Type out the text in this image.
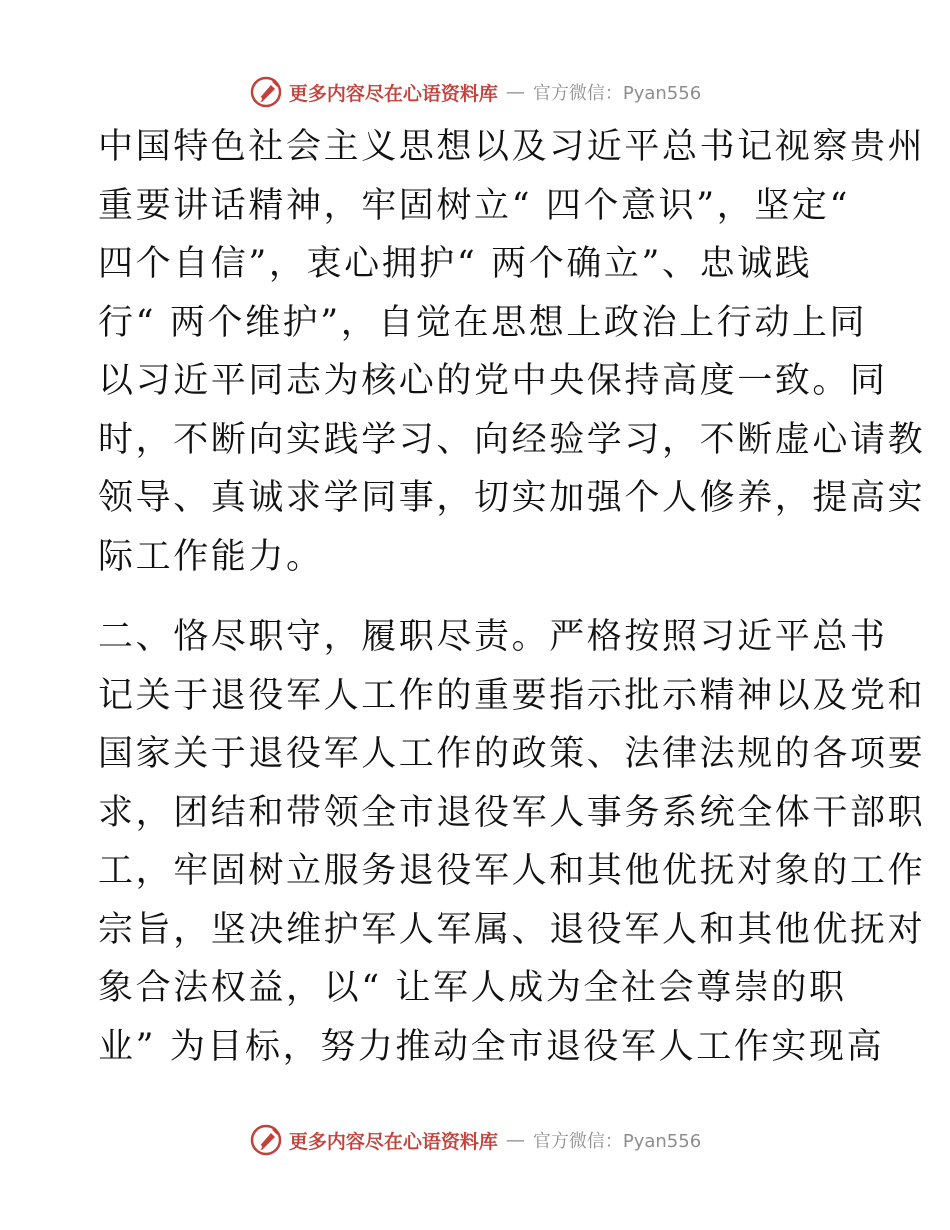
更多内容尽在心语资料库 — 官方微信：Pyan556
中国特色社会主义思想以及习近平总书记视察贵州
重要讲话精神，牢固树立“ 四个意识”，坚定“
四个自信”，衷心拥护“ 两个确立”、忠诚践
行“ 两个维护”，自觉在思想上政治上行动上同
以习近平同志为核心的党中央保持高度一致。同
时，不断向实践学习、向经验学习，不断虚心请教
领导、真诚求学同事，切实加强个人修养，提高实
际工作能力。
二、恪尽职守，履职尽责。严格按照习近平总书
记关于退役军人工作的重要指示批示精神以及党和
国家关于退役军人工作的政策、法律法规的各项要
求，团结和带领全市退役军人事务系统全体干部职
工，牢固树立服务退役军人和其他优抚对象的工作
宗旨，坚决维护军人军属、退役军人和其他优抚对
象合法权益，以“ 让军人成为全社会尊崇的职
业” 为目标，努力推动全市退役军人工作实现高
更多内容尽在心语资料库 — 官方微信：Pyan556
